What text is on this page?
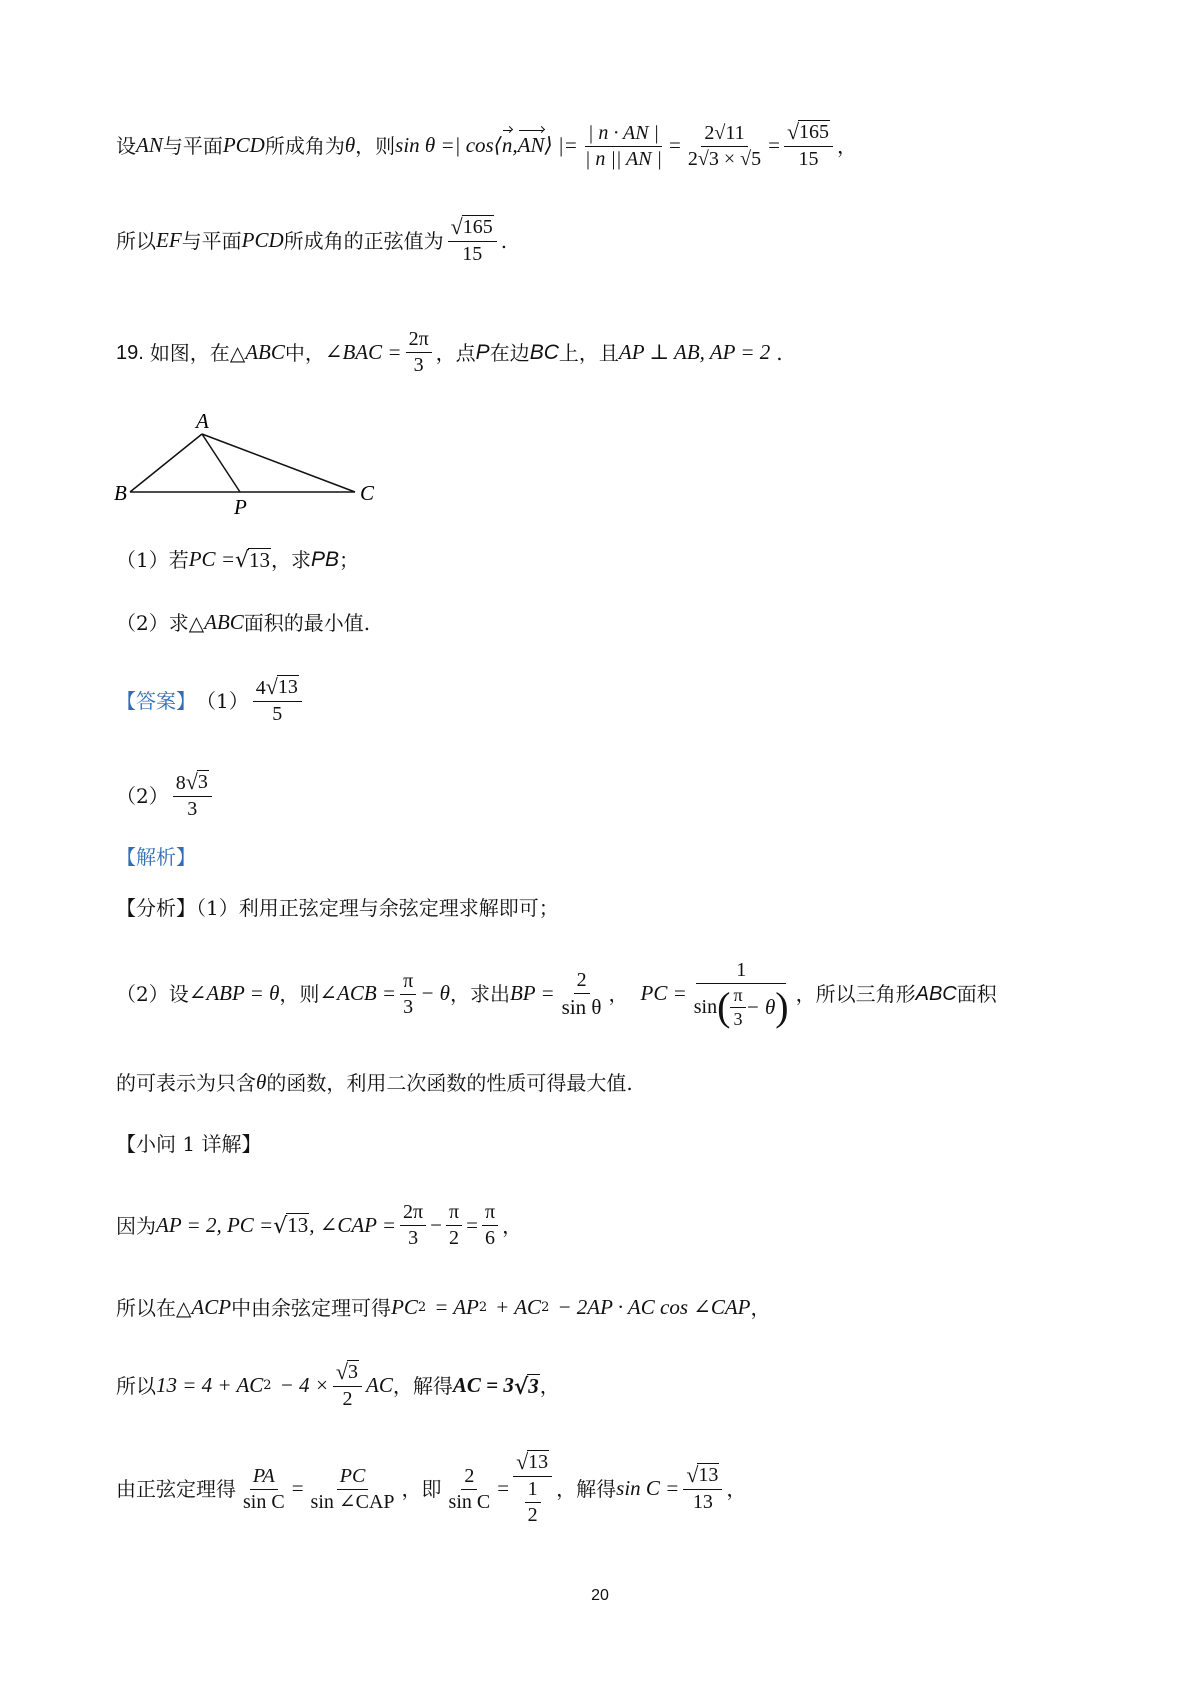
设 AN 与平面 PCD 所成角为 θ ，则 sin θ =| cos⟨ n , AN ⟩ |= $\frac{| n \cdot AN |}{| n || AN |} = \frac{2√11}{2√3 \times √5} = \frac{√ 165}{15}$ ，
所以 EF 与平面 PCD 所成角的正弦值为 $\frac{√ 165}{15}$ .
19. 如图，在 △ ABC 中， ∠BAC = $\frac{2\pi}{3}$ ，点 P 在边 BC 上，且 AP ⊥ AB, AP = 2 .
A
B
P
C
（1）若 PC = √ 13 ，求 PB ；
（2）求 △ ABC 面积的最小值.
【答案】 $(1) \frac{4 √ 13}{5}$
$(2) \frac{8 √ 3}{3}$
【解析】
【分析】（1）利用正弦定理与余弦定理求解即可；
（2）设 ∠ABP = θ ，则 ∠ACB = $\frac{\pi}{3} - \theta$ ，求出 BP = $\frac{2}{\text{sin θ}}$ ， PC =
1
sin ( $\frac{\pi}{3} - \theta$ ) ，所以三角形 ABC 面积
的可表示为只含 θ 的函数，利用二次函数的性质可得最大值.
【小问 1 详解】
因为 AP = 2, PC = √ 13 , ∠CAP = $\frac{2\pi}{3} - \frac{\pi}{2} = \frac{\pi}{6}$ ，
所以在 △ ACP 中由余弦定理可得 PC 2 = AP 2 + AC 2 − 2AP · AC cos ∠CAP ，
所以 13 = 4 + AC $2 - 4 \times \frac{√ 3}{2}$ AC ，解得 AC = 3 √ 3 ，
由正弦定理得 $\frac{PA}{\text{sin C}} = \frac{PC}{\text{sin ∠CAP}}$ ，即 $\frac{2}{\text{sin C}} = \frac{√ 13}{\frac{1}{2}}$ ，解得 $\sin C = \frac{√ 13}{13}$ ，
20
